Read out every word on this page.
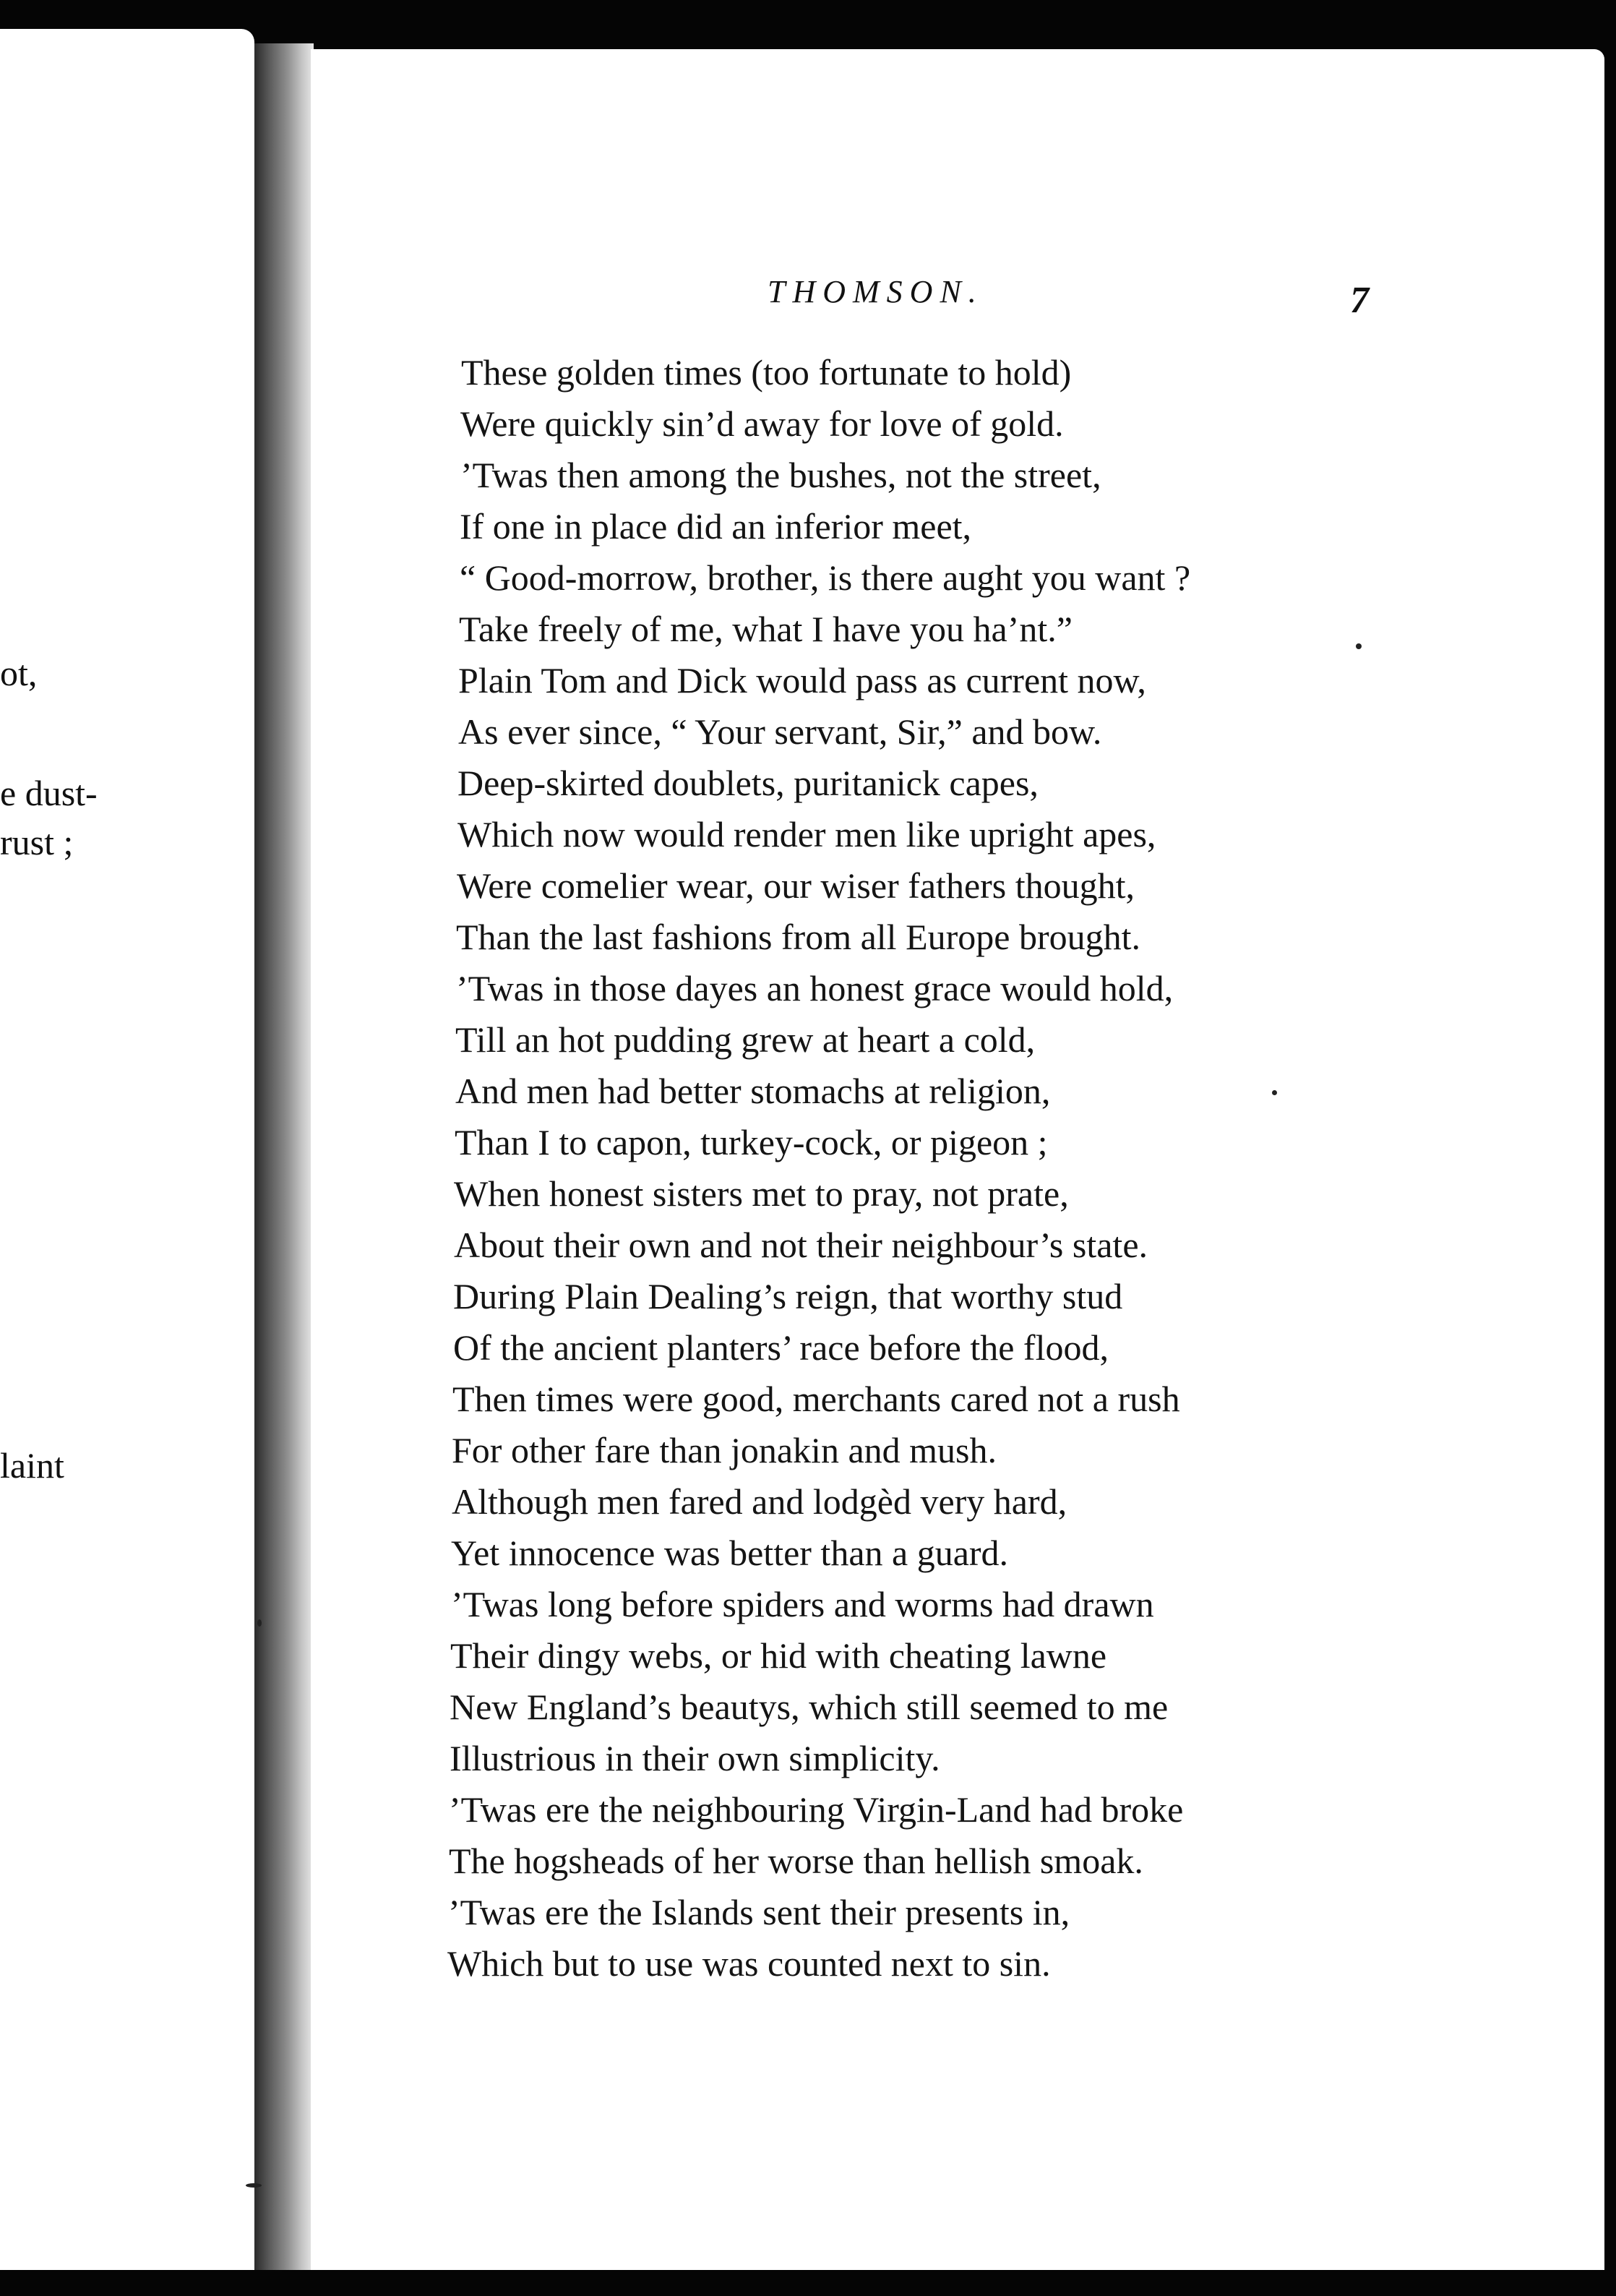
ot,
e dust-
rust ;
laint
THOMSON.	7
These golden times (too fortunate to hold)
Were quickly sin’d away for love of gold.
’Twas then among the bushes, not the street,
If one in place did an inferior meet,
“ Good-morrow, brother, is there aught you want ?
Take freely of me, what I have you ha’nt.”
Plain Tom and Dick would pass as current now,
As ever since, “ Your servant, Sir,” and bow.
Deep-skirted doublets, puritanick capes,
Which now would render men like upright apes,
Were comelier wear, our wiser fathers thought,
Than the last fashions from all Europe brought.
’Twas in those dayes an honest grace would hold,
Till an hot pudding grew at heart a cold,
And men had better stomachs at religion,
Than I to capon, turkey-cock, or pigeon ;
When honest sisters met to pray, not prate,
About their own and not their neighbour’s state.
During Plain Dealing’s reign, that worthy stud
Of the ancient planters’ race before the flood,
Then times were good, merchants cared not a rush
For other fare than jonakin and mush.
Although men fared and lodgèd very hard,
Yet innocence was better than a guard.
’Twas long before spiders and worms had drawn
Their dingy webs, or hid with cheating lawne
New England’s beautys, which still seemed to me
Illustrious in their own simplicity.
’Twas ere the neighbouring Virgin-Land had broke
The hogsheads of her worse than hellish smoak.
’Twas ere the Islands sent their presents in,
Which but to use was counted next to sin.
